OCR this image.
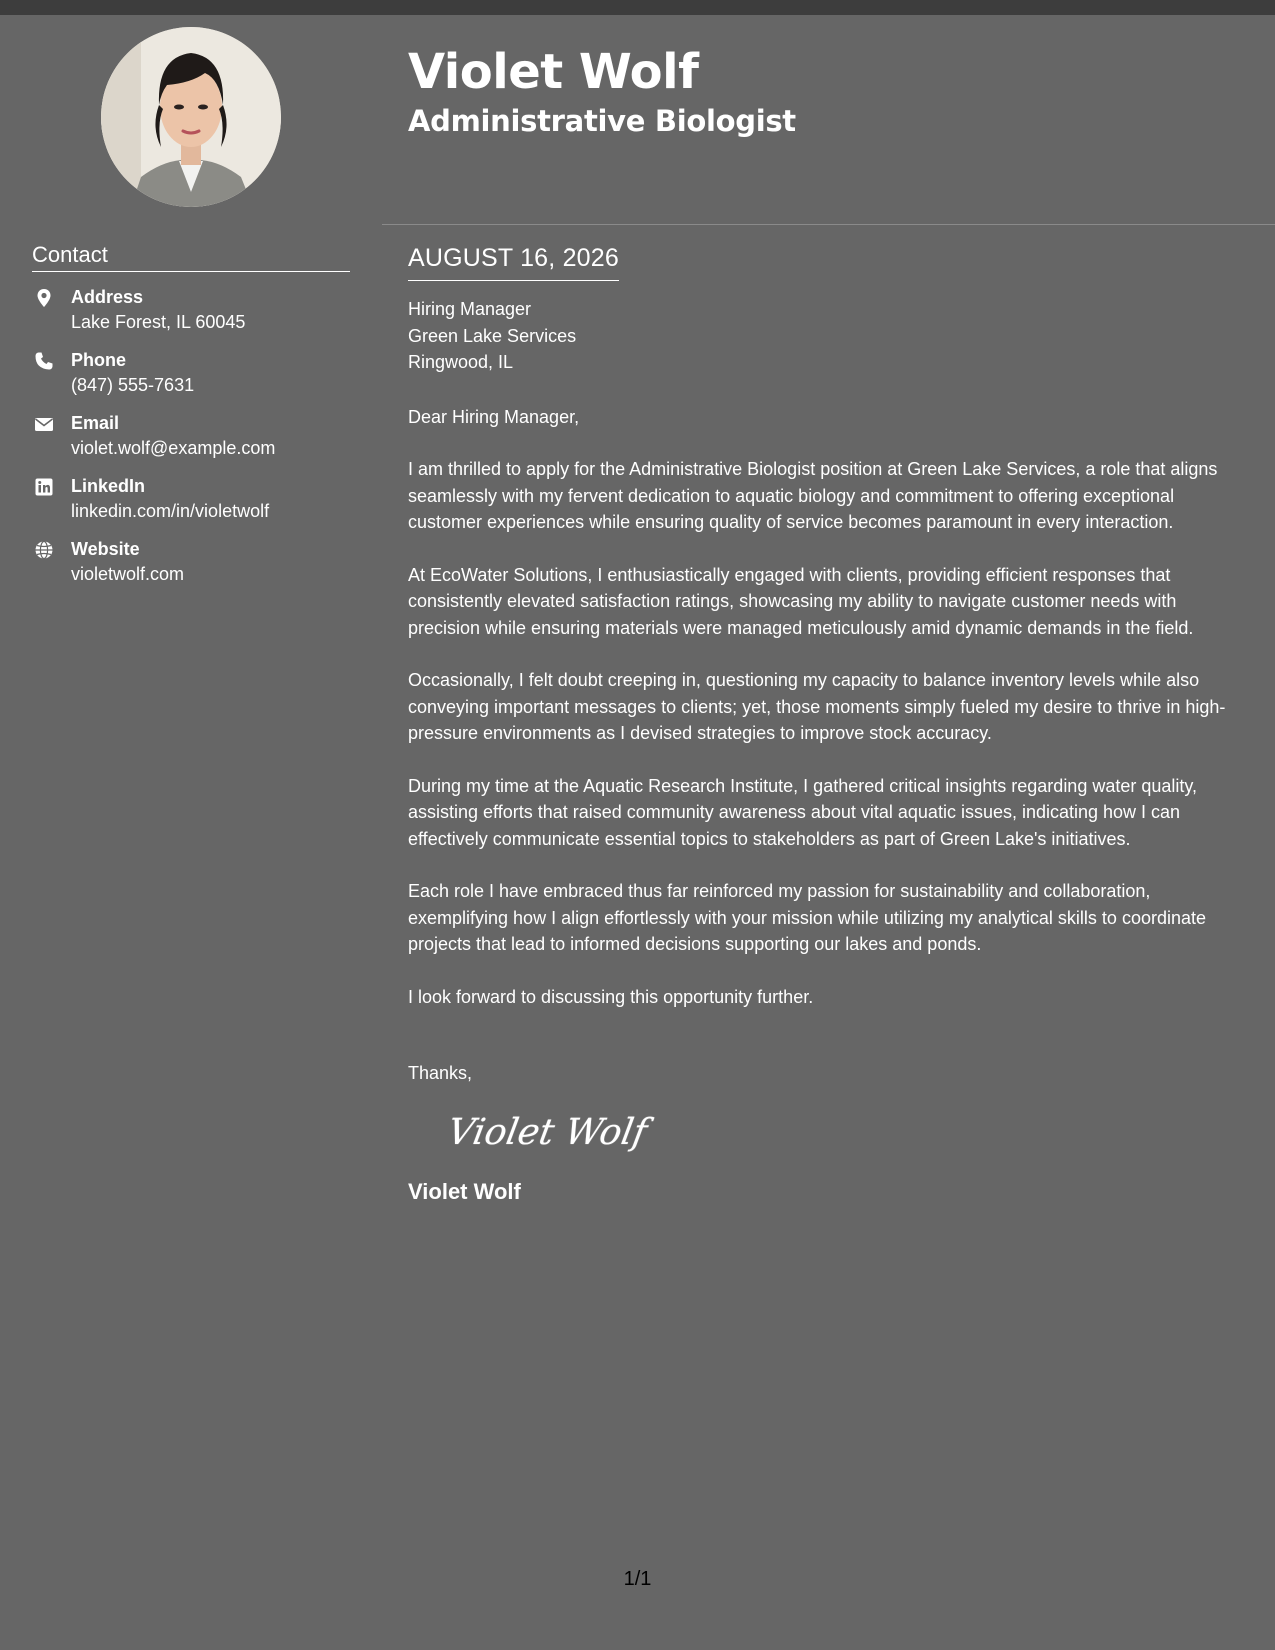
Violet Wolf
Administrative Biologist
Contact
Address
Lake Forest, IL 60045
Phone
(847) 555-7631
Email
violet.wolf@example.com
LinkedIn
linkedin.com/in/violetwolf
Website
violetwolf.com
AUGUST 16, 2026
Hiring Manager
Green Lake Services
Ringwood, IL
Dear Hiring Manager,

I am thrilled to apply for the Administrative Biologist position at Green Lake Services, a role that aligns seamlessly with my fervent dedication to aquatic biology and commitment to offering exceptional customer experiences while ensuring quality of service becomes paramount in every interaction.

At EcoWater Solutions, I enthusiastically engaged with clients, providing efficient responses that consistently elevated satisfaction ratings, showcasing my ability to navigate customer needs with precision while ensuring materials were managed meticulously amid dynamic demands in the field.

Occasionally, I felt doubt creeping in, questioning my capacity to balance inventory levels while also conveying important messages to clients; yet, those moments simply fueled my desire to thrive in high-pressure environments as I devised strategies to improve stock accuracy.

During my time at the Aquatic Research Institute, I gathered critical insights regarding water quality, assisting efforts that raised community awareness about vital aquatic issues, indicating how I can effectively communicate essential topics to stakeholders as part of Green Lake's initiatives.

Each role I have embraced thus far reinforced my passion for sustainability and collaboration, exemplifying how I align effortlessly with your mission while utilizing my analytical skills to coordinate projects that lead to informed decisions supporting our lakes and ponds.

I look forward to discussing this opportunity further.

Thanks,
Violet Wolf
Violet Wolf
1/1
